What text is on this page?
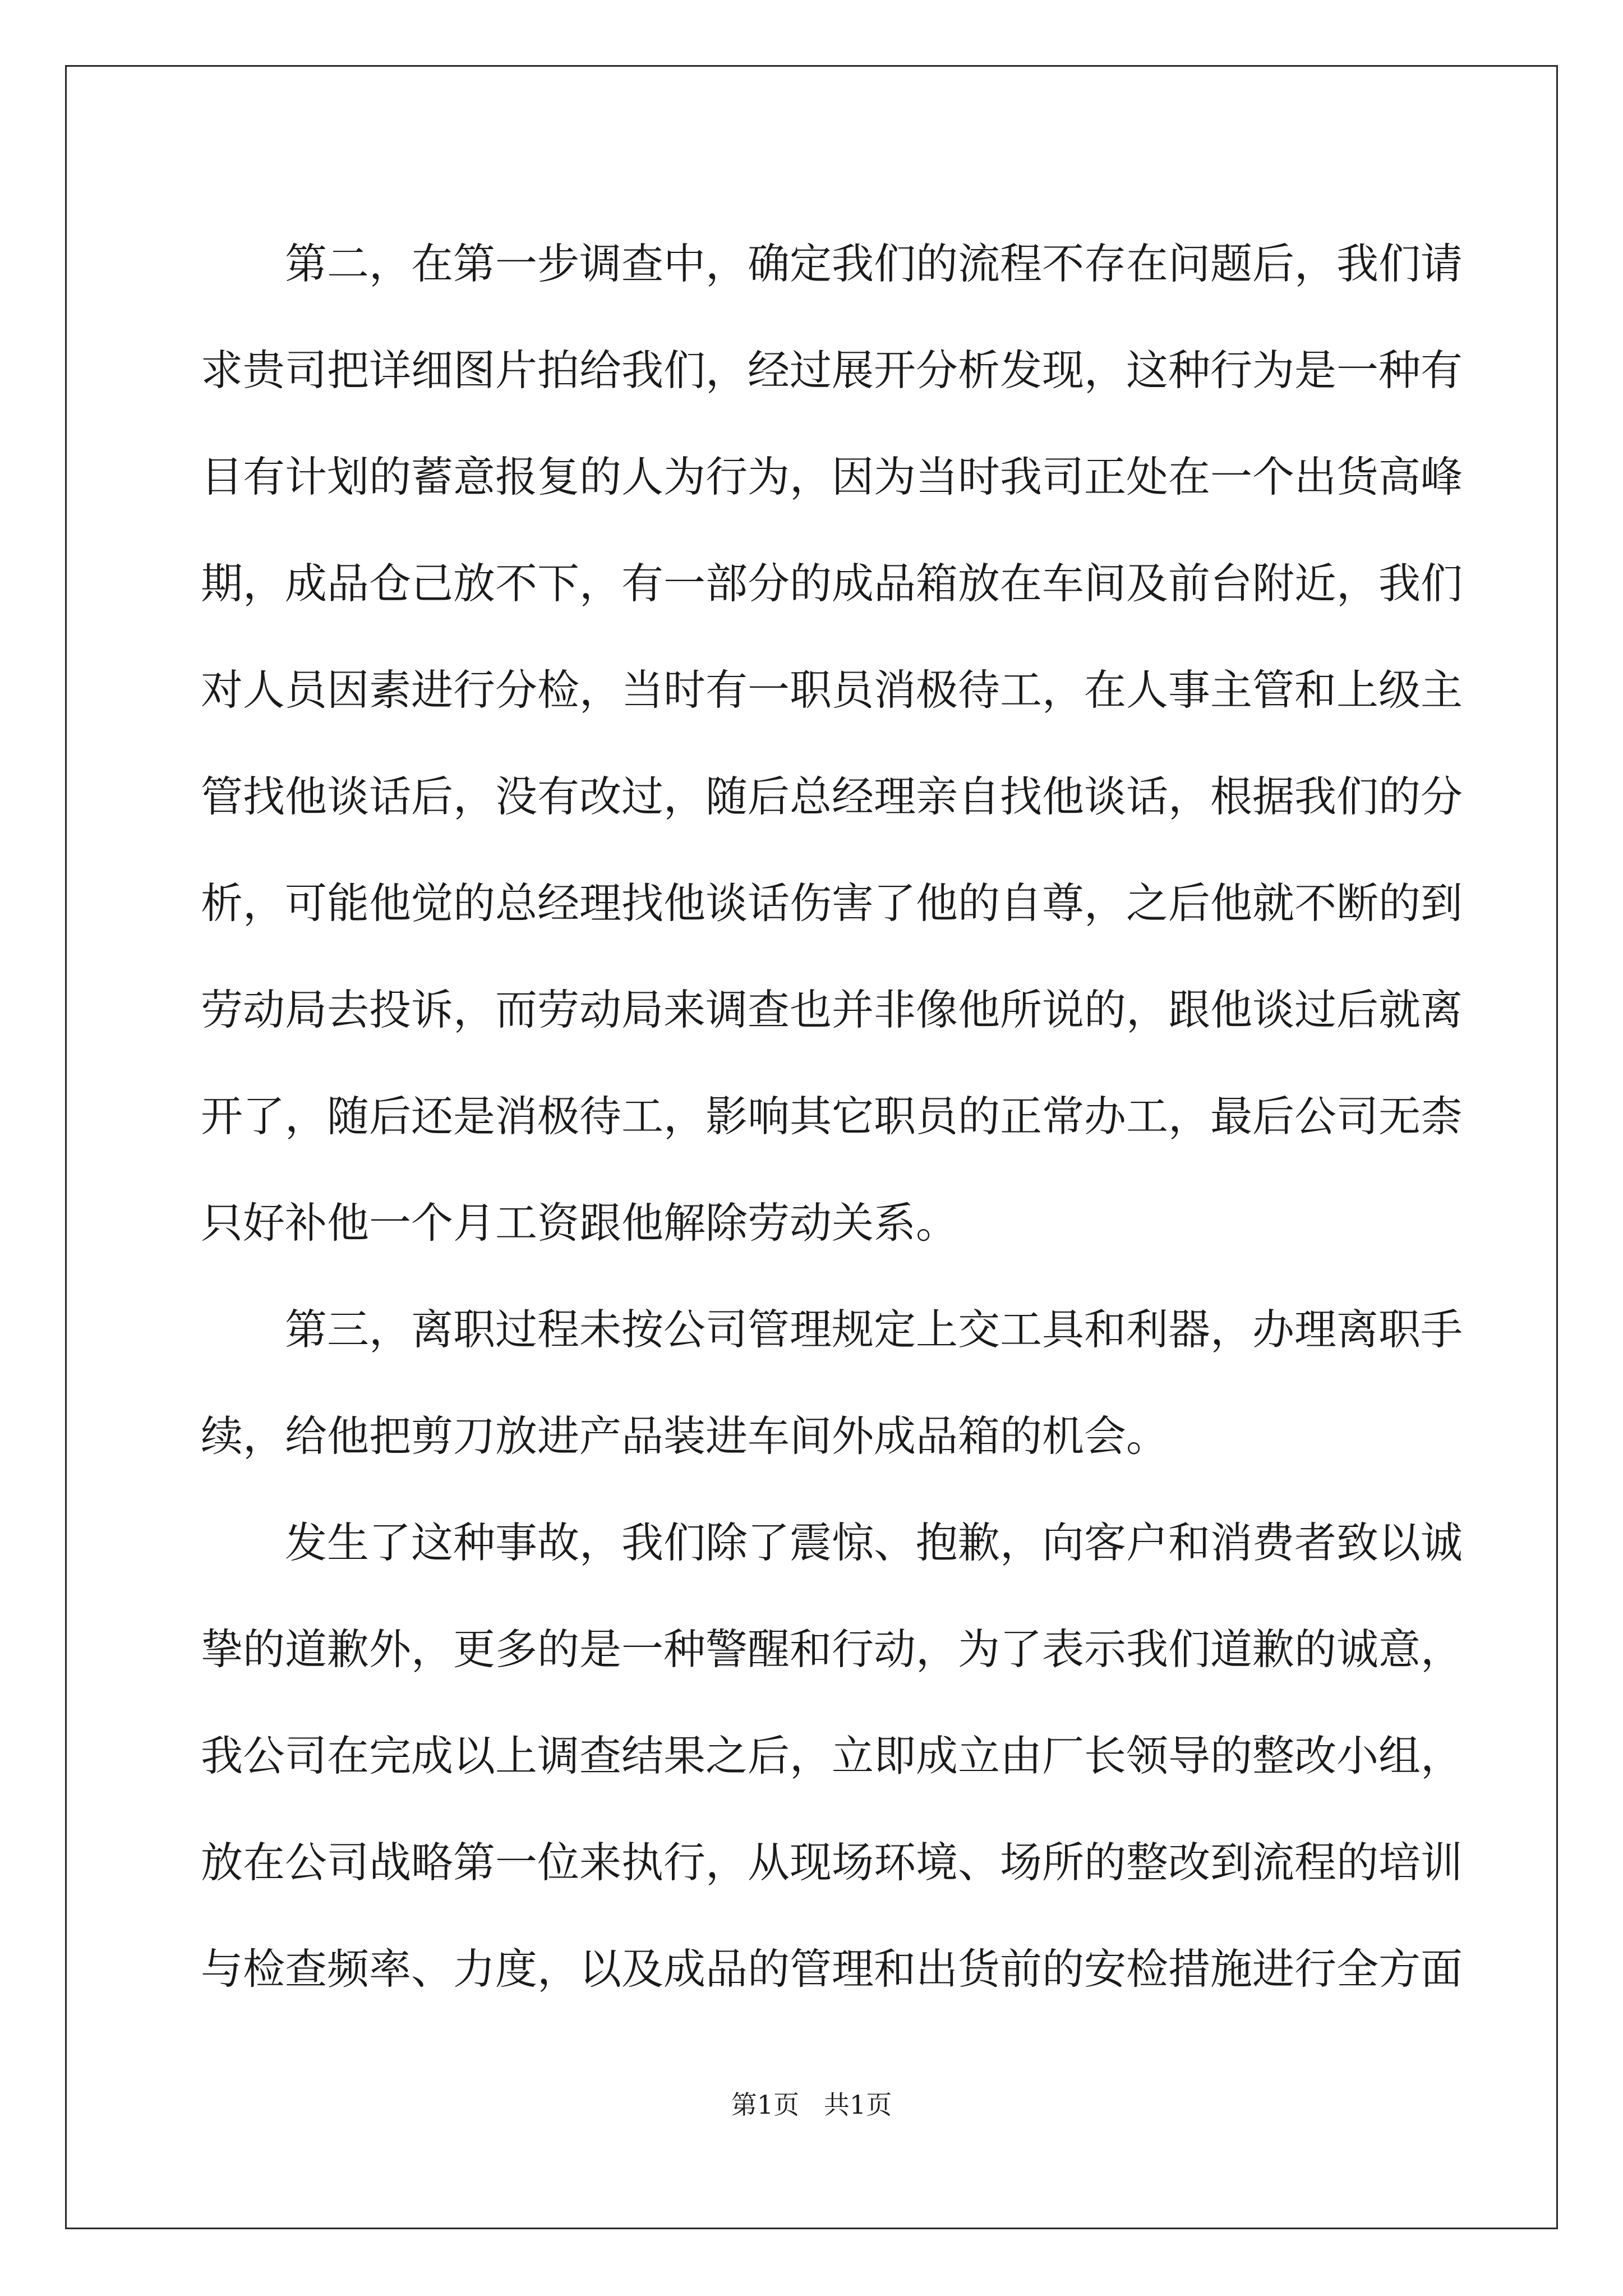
第二，在第一步调查中，确定我们的流程不存在问题后，我们请
求贵司把详细图片拍给我们，经过展开分析发现，这种行为是一种有
目有计划的蓄意报复的人为行为，因为当时我司正处在一个出货高峰
期，成品仓己放不下，有一部分的成品箱放在车间及前台附近，我们
对人员因素进行分检，当时有一职员消极待工，在人事主管和上级主
管找他谈话后，没有改过，随后总经理亲自找他谈话，根据我们的分
析，可能他觉的总经理找他谈话伤害了他的自尊，之后他就不断的到
劳动局去投诉，而劳动局来调查也并非像他所说的，跟他谈过后就离
开了，随后还是消极待工，影响其它职员的正常办工，最后公司无柰
只好补他一个月工资跟他解除劳动关系。
第三，离职过程未按公司管理规定上交工具和利器，办理离职手
续，给他把剪刀放进产品装进车间外成品箱的机会。
发生了这种事故，我们除了震惊、抱歉，向客户和消费者致以诚
挚的道歉外，更多的是一种警醒和行动，为了表示我们道歉的诚意，
我公司在完成以上调查结果之后，立即成立由厂长领导的整改小组，
放在公司战略第一位来执行，从现场环境、场所的整改到流程的培训
与检查频率、力度，以及成品的管理和出货前的安检措施进行全方面
第1页   共1页
